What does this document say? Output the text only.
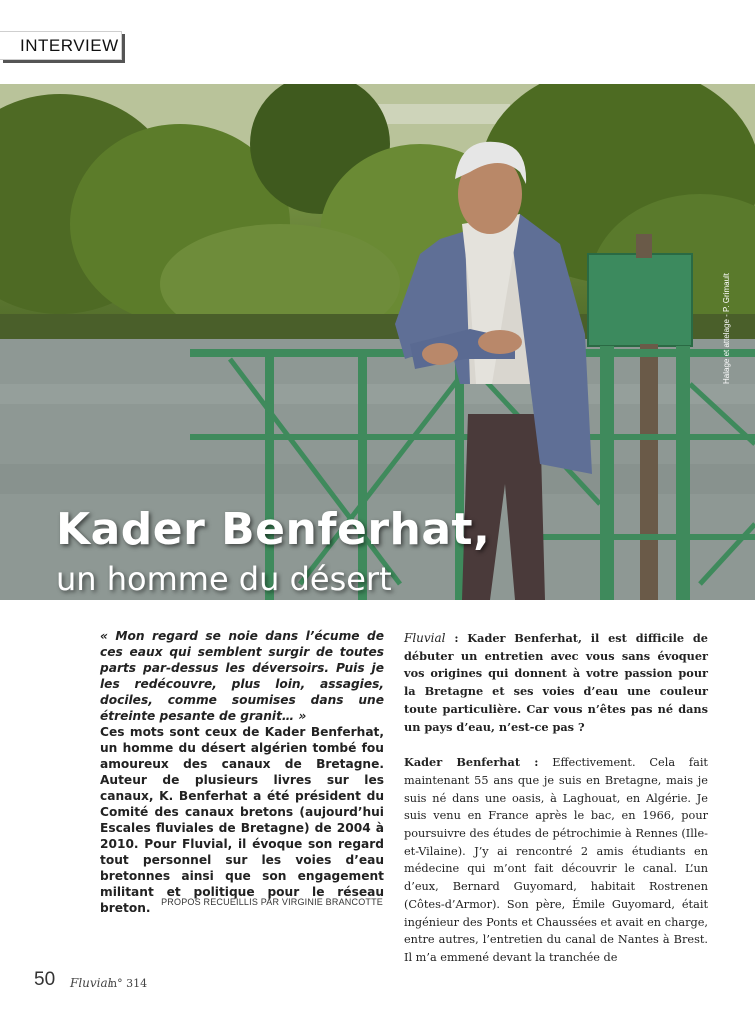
INTERVIEW
Halage et attelage - P. Grimault
Kader Benferhat,
un homme du désert
« Mon regard se noie dans l’écume de ces eaux qui semblent surgir de toutes parts par-dessus les déversoirs. Puis je les redécouvre, plus loin, assagies, dociles, comme soumises dans une étreinte pesante de granit… »
Ces mots sont ceux de Kader Benferhat, un homme du désert algérien tombé fou amoureux des canaux de Bretagne. Auteur de plusieurs livres sur les canaux, K. Benferhat a été président du Comité des canaux bretons (aujourd’hui Escales fluviales de Bretagne) de 2004 à 2010. Pour Fluvial, il évoque son regard tout personnel sur les voies d’eau bretonnes ainsi que son engagement militant et politique pour le réseau breton.	PROPOS RECUEILLIS PAR VIRGINIE BRANCOTTE

Fluvial : Kader Benferhat, il est difficile de débuter un entretien avec vous sans évoquer vos origines qui donnent à votre passion pour la Bretagne et ses voies d’eau une couleur toute particulière. Car vous n’êtes pas né dans un pays d’eau, n’est-ce pas ?

Kader Benferhat : Effectivement. Cela fait maintenant 55 ans que je suis en Bretagne, mais je suis né dans une oasis, à Laghouat, en Algérie. Je suis venu en France après le bac, en 1966, pour poursuivre des études de pétrochimie à Rennes (Ille-et-Vilaine). J’y ai rencontré 2 amis étudiants en médecine qui m’ont fait découvrir le canal. L’un d’eux, Bernard Guyomard, habitait Rostrenen (Côtes-d’Armor). Son père, Émile Guyomard, était ingénieur des Ponts et Chaussées et avait en charge, entre autres, l’entretien du canal de Nantes à Brest. Il m’a emmené devant la tranchée de

50 Fluvial
n° 314
